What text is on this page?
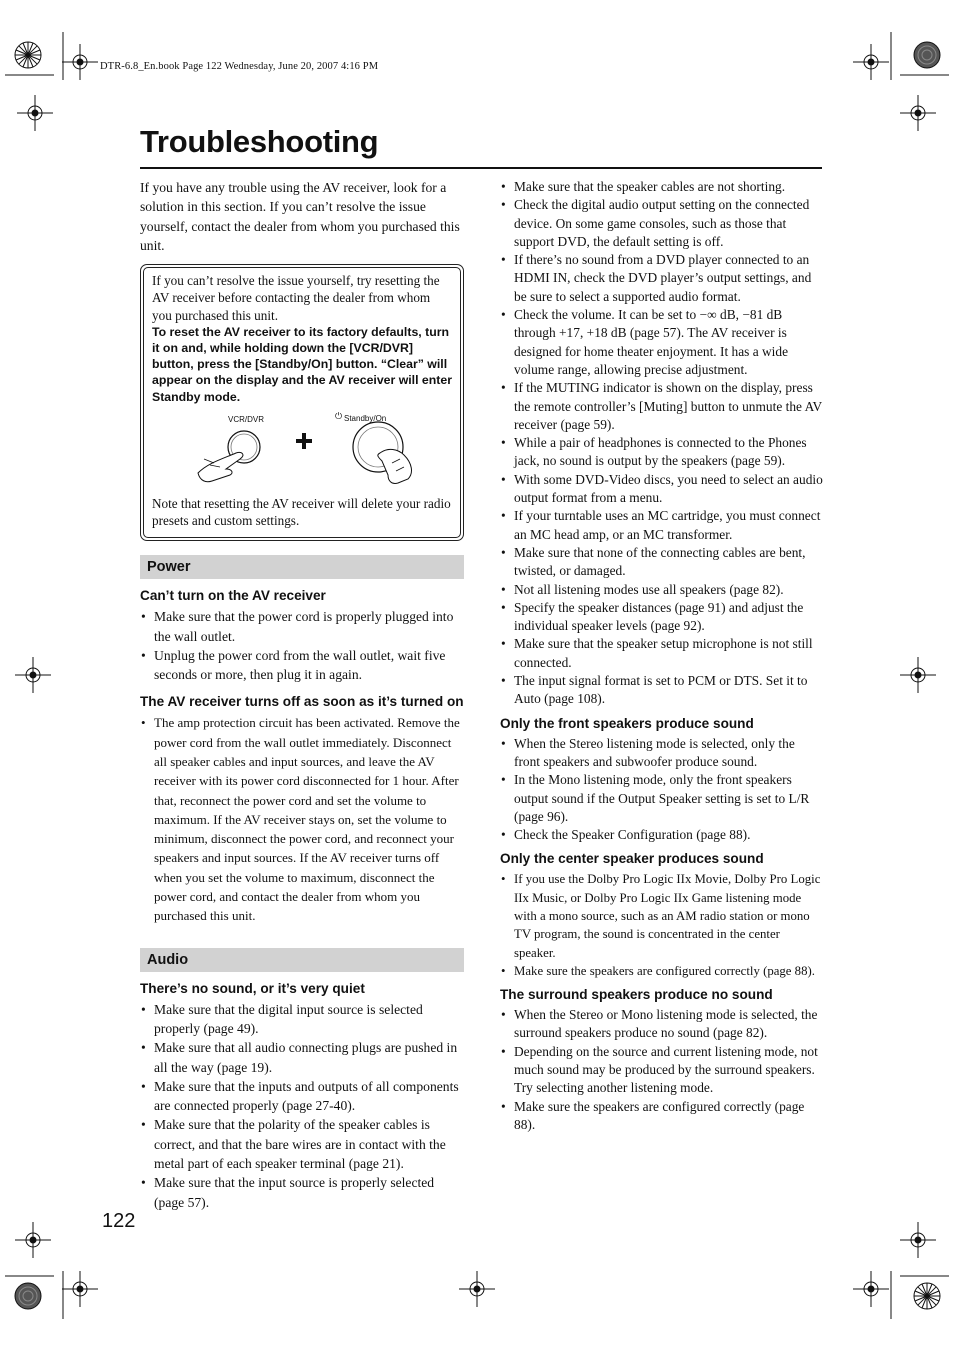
DTR-6.8_En.book Page 122 Wednesday, June 20, 2007 4:16 PM
Troubleshooting

If you have any trouble using the AV receiver, look for a solution in this section. If you can’t resolve the issue yourself, contact the dealer from whom you purchased this unit.

If you can’t resolve the issue yourself, try resetting the AV receiver before contacting the dealer from whom you purchased this unit.

To reset the AV receiver to its factory defaults, turn it on and, while holding down the [VCR/DVR] button, press the [Standby/On] button. “Clear” will appear on the display and the AV receiver will enter Standby mode.

VCR/DVR	⏻ Standby/On

Note that resetting the AV receiver will delete your radio presets and custom settings.

Power
Can’t turn on the AV receiver
• Make sure that the power cord is properly plugged into the wall outlet.
• Unplug the power cord from the wall outlet, wait five seconds or more, then plug it in again.
The AV receiver turns off as soon as it’s turned on
• The amp protection circuit has been activated. Remove the power cord from the wall outlet immediately. Disconnect all speaker cables and input sources, and leave the AV receiver with its power cord disconnected for 1 hour. After that, reconnect the power cord and set the volume to maximum. If the AV receiver stays on, set the volume to minimum, disconnect the power cord, and reconnect your speakers and input sources. If the AV receiver turns off when you set the volume to maximum, disconnect the power cord, and contact the dealer from whom you purchased this unit.
Audio
There’s no sound, or it’s very quiet
• Make sure that the digital input source is selected properly (page 49).
• Make sure that all audio connecting plugs are pushed in all the way (page 19).
• Make sure that the inputs and outputs of all components are connected properly (page 27-40).
• Make sure that the polarity of the speaker cables is correct, and that the bare wires are in contact with the metal part of each speaker terminal (page 21).
• Make sure that the input source is properly selected (page 57).
• Make sure that the speaker cables are not shorting.
• Check the digital audio output setting on the connected device. On some game consoles, such as those that support DVD, the default setting is off.
• If there’s no sound from a DVD player connected to an HDMI IN, check the DVD player’s output settings, and be sure to select a supported audio format.
• Check the volume. It can be set to −∞ dB, −81 dB through +17, +18 dB (page 57). The AV receiver is designed for home theater enjoyment. It has a wide volume range, allowing precise adjustment.
• If the MUTING indicator is shown on the display, press the remote controller’s [Muting] button to unmute the AV receiver (page 59).
• While a pair of headphones is connected to the Phones jack, no sound is output by the speakers (page 59).
• With some DVD-Video discs, you need to select an audio output format from a menu.
• If your turntable uses an MC cartridge, you must connect an MC head amp, or an MC transformer.
• Make sure that none of the connecting cables are bent, twisted, or damaged.
• Not all listening modes use all speakers (page 82).
• Specify the speaker distances (page 91) and adjust the individual speaker levels (page 92).
• Make sure that the speaker setup microphone is not still connected.
• The input signal format is set to PCM or DTS. Set it to Auto (page 108).
Only the front speakers produce sound
• When the Stereo listening mode is selected, only the front speakers and subwoofer produce sound.
• In the Mono listening mode, only the front speakers output sound if the Output Speaker setting is set to L/R (page 96).
• Check the Speaker Configuration (page 88).
Only the center speaker produces sound
• If you use the Dolby Pro Logic IIx Movie, Dolby Pro Logic IIx Music, or Dolby Pro Logic IIx Game listening mode with a mono source, such as an AM radio station or mono TV program, the sound is concentrated in the center speaker.
• Make sure the speakers are configured correctly (page 88).
The surround speakers produce no sound
• When the Stereo or Mono listening mode is selected, the surround speakers produce no sound (page 82).
• Depending on the source and current listening mode, not much sound may be produced by the surround speakers. Try selecting another listening mode.
• Make sure the speakers are configured correctly (page 88).
122
